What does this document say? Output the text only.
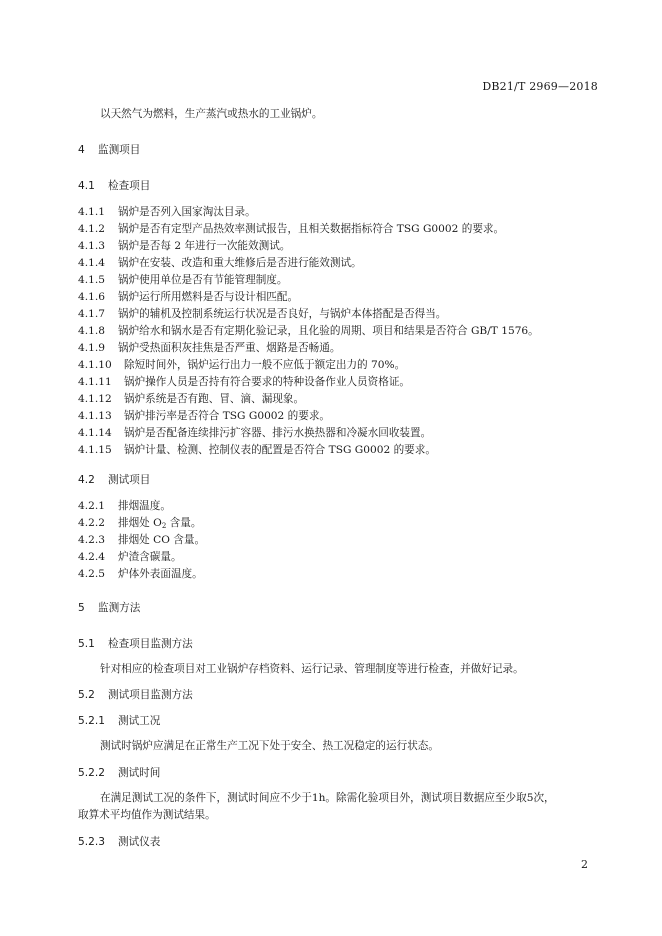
DB21/T 2969—2018
以天然气为燃料，生产蒸汽或热水的工业锅炉。
4 监测项目
4.1 检查项目
4.1.1 锅炉是否列入国家淘汰目录。
4.1.2 锅炉是否有定型产品热效率测试报告，且相关数据指标符合 TSG G0002 的要求。
4.1.3 锅炉是否每 2 年进行一次能效测试。
4.1.4 锅炉在安装、改造和重大维修后是否进行能效测试。
4.1.5 锅炉使用单位是否有节能管理制度。
4.1.6 锅炉运行所用燃料是否与设计相匹配。
4.1.7 锅炉的辅机及控制系统运行状况是否良好，与锅炉本体搭配是否得当。
4.1.8 锅炉给水和锅水是否有定期化验记录，且化验的周期、项目和结果是否符合 GB/T 1576。
4.1.9 锅炉受热面积灰挂焦是否严重、烟路是否畅通。
4.1.10 除短时间外，锅炉运行出力一般不应低于额定出力的 70%。
4.1.11 锅炉操作人员是否持有符合要求的特种设备作业人员资格证。
4.1.12 锅炉系统是否有跑、冒、滴、漏现象。
4.1.13 锅炉排污率是否符合 TSG G0002 的要求。
4.1.14 锅炉是否配备连续排污扩容器、排污水换热器和冷凝水回收装置。
4.1.15 锅炉计量、检测、控制仪表的配置是否符合 TSG G0002 的要求。
4.2 测试项目
4.2.1 排烟温度。
4.2.2 排烟处 $O_2$ 含量。
4.2.3 排烟处 CO 含量。
4.2.4 炉渣含碳量。
4.2.5 炉体外表面温度。
5 监测方法
5.1 检查项目监测方法
针对相应的检查项目对工业锅炉存档资料、运行记录、管理制度等进行检查，并做好记录。
5.2 测试项目监测方法
5.2.1 测试工况
测试时锅炉应满足在正常生产工况下处于安全、热工况稳定的运行状态。
5.2.2 测试时间
在满足测试工况的条件下，测试时间应不少于1h。除需化验项目外，测试项目数据应至少取5次，
取算术平均值作为测试结果。
5.2.3 测试仪表
2
